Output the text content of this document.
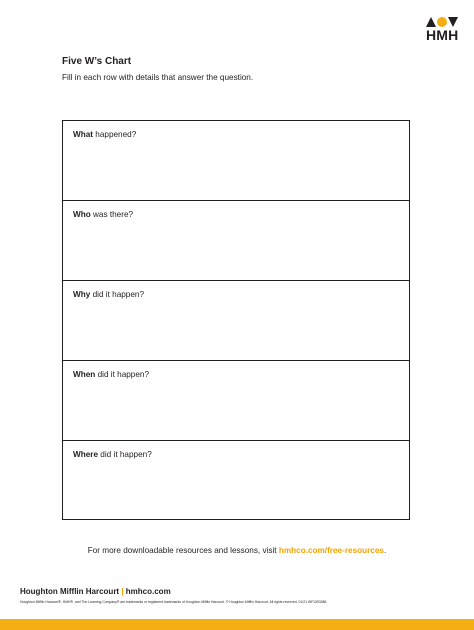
HMH
Five W’s Chart
Fill in each row with details that answer the question.
What happened?
Who was there?
Why did it happen?
When did it happen?
Where did it happen?
For more downloadable resources and lessons, visit hmhco.com/free-resources.
Houghton Mifflin Harcourt | hmhco.com
Houghton Mifflin Harcourt®, HMH®, and The Learning Company® are trademarks or registered trademarks of Houghton Mifflin Harcourt. © Houghton Mifflin Harcourt. All rights reserved. 01/21 WF1393386
